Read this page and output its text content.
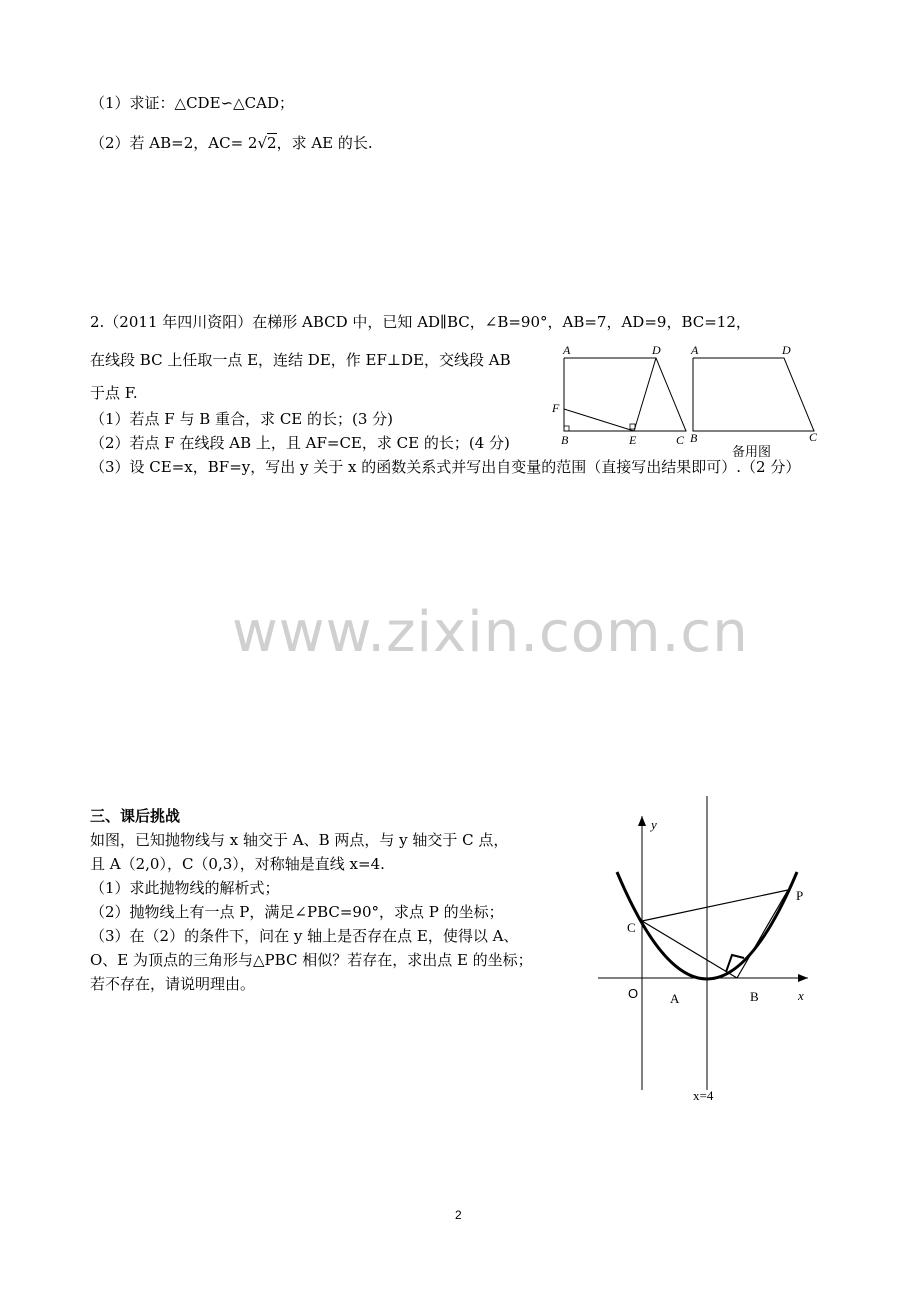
（1）求证：△CDE∽△CAD；
（2）若 AB=2，AC= 2√2，求 AE 的长.
2.（2011 年四川资阳）在梯形 ABCD 中，已知 AD∥BC，∠B=90°，AB=7，AD=9，BC=12，
在线段 BC 上任取一点 E，连结 DE，作 EF⊥DE，交线段 AB
于点 F.
（1）若点 F 与 B 重合，求 CE 的长；(3 分)
（2）若点 F 在线段 AB 上，且 AF=CE，求 CE 的长；(4 分)
（3）设 CE=x，BF=y，写出 y 关于 x 的函数关系式并写出自变量的范围（直接写出结果即可）.（2 分）
A	D
F
B	E	C
A	D
B	C
备用图
www.zixin.com.cn
三、课后挑战
如图，已知抛物线与 x 轴交于 A、B 两点，与 y 轴交于 C 点，
且 A（2,0），C（0,3），对称轴是直线 x=4.
（1）求此抛物线的解析式；
（2）抛物线上有一点 P，满足∠PBC=90°，求点 P 的坐标；
（3）在（2）的条件下，问在 y 轴上是否存在点 E，使得以 A、
O、E 为顶点的三角形与△PBC 相似？若存在，求出点 E 的坐标；
若不存在，请说明理由。
y
x
O A	B
C
P
x=4
2
